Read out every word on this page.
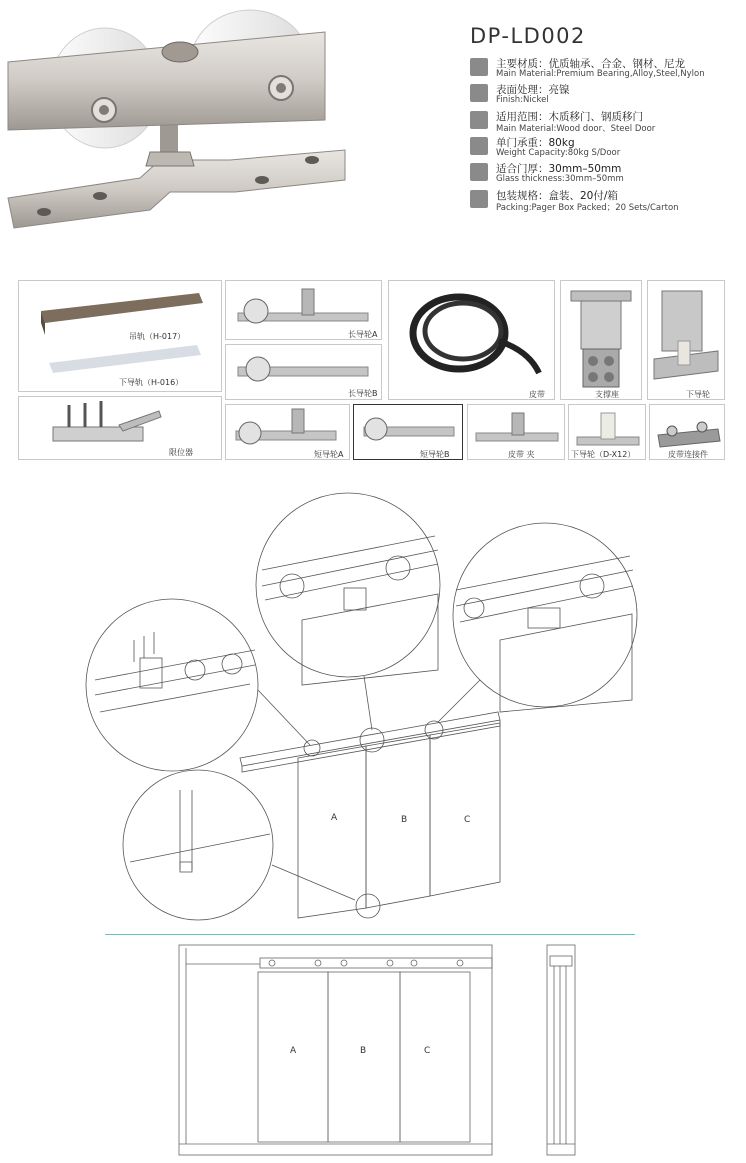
DP-LD002
主要材质：优质轴承、合金、钢材、尼龙
Main Material:Premium Bearing,Alloy,Steel,Nylon
表面处理：亮镍
Finish:Nickel
适用范围：木质移门、钢质移门
Main Material:Wood door、Steel Door
单门承重：80kg
Weight Capacity:80kg S/Door
适合门厚：30mm–50mm
Glass thickness:30mm–50mm
包装规格：盒装、20付/箱
Packing:Pager Box Packed；20 Sets/Carton
吊轨（H-017）
下导轨（H-016）
长导轮A
长导轮B	皮带	支撑座	下导轮
限位器	短导轮A	短导轮B	皮带 夹	下导轮（D-X12）	皮带连接件
A	B	C
A	B	C
